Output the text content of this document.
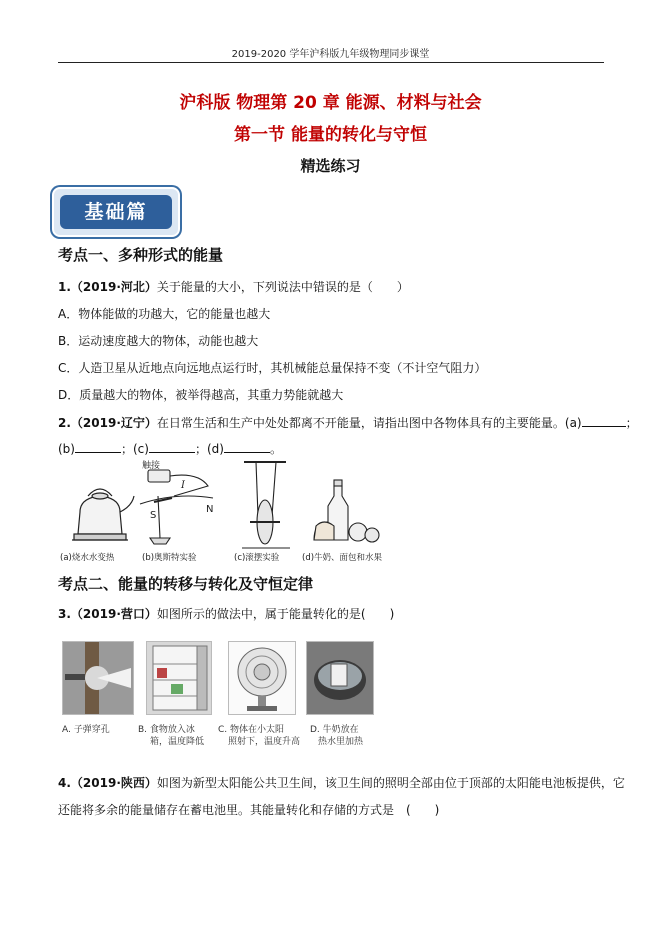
2019-2020 学年沪科版九年级物理同步课堂
沪科版 物理第 20 章 能源、材料与社会
第一节 能量的转化与守恒
精选练习
基础篇
考点一、多种形式的能量
1.（2019·河北）关于能量的大小，下列说法中错误的是（　　）
A．物体能做的功越大，它的能量也越大
B．运动速度越大的物体，动能也越大
C．人造卫星从近地点向远地点运行时，其机械能总量保持不变（不计空气阻力）
D．质量越大的物体，被举得越高，其重力势能就越大
2.（2019·辽宁）在日常生活和生产中处处都离不开能量，请指出图中各物体具有的主要能量。(a)	；
(b)	；(c)	；(d)	。
触接
S
N
I
(a)烧水水变热	(b)奥斯特实验	(c)滚摆实验	(d)牛奶、面包和水果
考点二、能量的转移与转化及守恒定律
3.（2019·营口）如图所示的做法中，属于能量转化的是(　　)
A. 子弹穿孔	B. 食物放入冰
箱，温度降低
C. 物体在小太阳
照射下，温度升高
D. 牛奶放在
热水里加热
4.（2019·陕西）如图为新型太阳能公共卫生间，该卫生间的照明全部由位于顶部的太阳能电池板提供，它
还能将多余的能量储存在蓄电池里。其能量转化和存储的方式是　(　　)
